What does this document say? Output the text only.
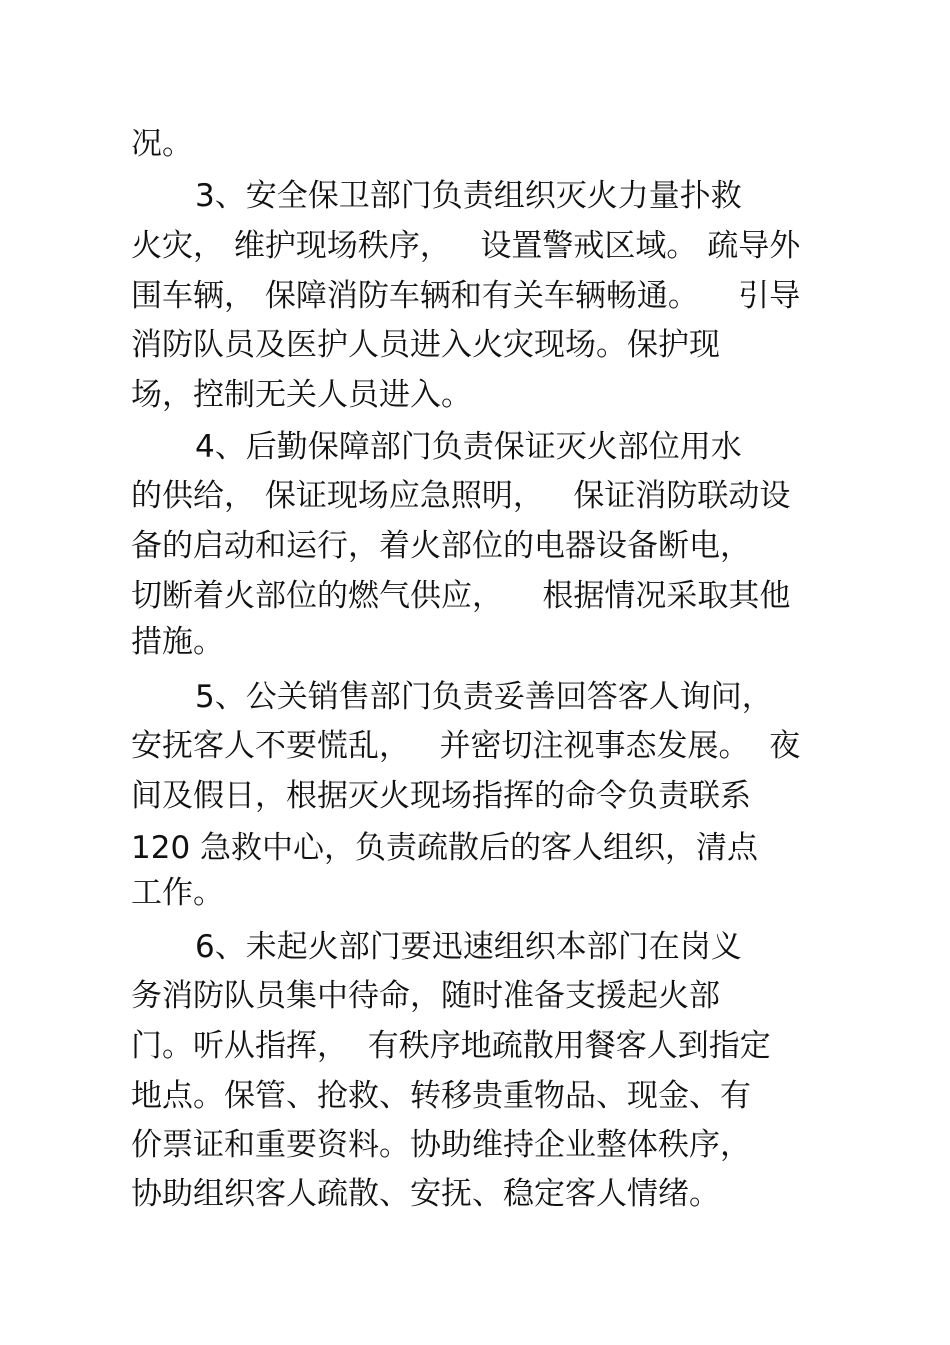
况。

3、安全保卫部门负责组织灭火力量扑救

火灾， 维护现场秩序，   设置警戒区域。 疏导外

围车辆， 保障消防车辆和有关车辆畅通。    引导

消防队员及医护人员进入火灾现场。保护现

场，控制无关人员进入。

4、后勤保障部门负责保证灭火部位用水

的供给， 保证现场应急照明，   保证消防联动设

备的启动和运行，着火部位的电器设备断电，

切断着火部位的燃气供应，    根据情况采取其他

措施。

5、公关销售部门负责妥善回答客人询问，

安抚客人不要慌乱，   并密切注视事态发展。  夜

间及假日，根据灭火现场指挥的命令负责联系

120 急救中心，负责疏散后的客人组织，清点

工作。

6、未起火部门要迅速组织本部门在岗义

务消防队员集中待命，随时准备支援起火部

门。听从指挥，  有秩序地疏散用餐客人到指定

地点。保管、抢救、转移贵重物品、现金、有

价票证和重要资料。协助维持企业整体秩序，

协助组织客人疏散、安抚、稳定客人情绪。
